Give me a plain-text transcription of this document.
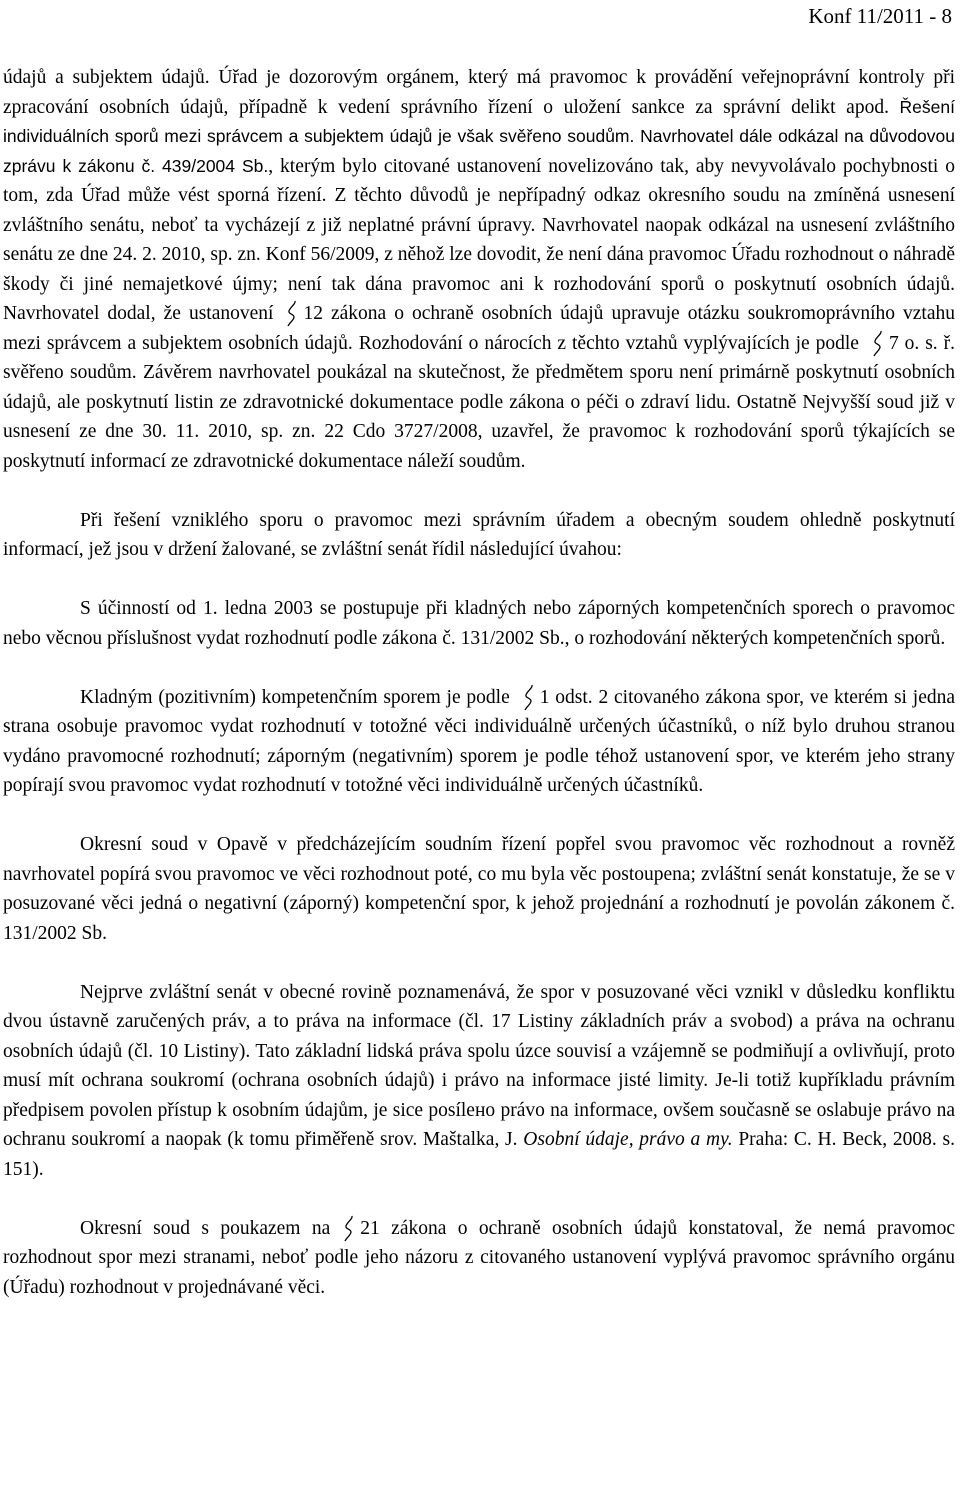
Konf 11/2011 - 8

údajů a subjektem údajů. Úřad je dozorovým orgánem, který má pravomoc k provádění veřejnoprávní kontroly při zpracování osobních údajů, případně k vedení správního řízení o uložení sankce za správní delikt apod. Řešení individuálních sporů mezi správcem a subjektem údajů je však svěřeno soudům. Navrhovatel dále odkázal na důvodovou zprávu k zákonu č. 439/2004 Sb., kterým bylo citované ustanovení novelizováno tak, aby nevyvolávalo pochybnosti o tom, zda Úřad může vést sporná řízení. Z těchto důvodů je nepřípadný odkaz okresního soudu na zmíněná usnesení zvláštního senátu, neboť ta vycházejí z již neplatné právní úpravy. Navrhovatel naopak odkázal na usnesení zvláštního senátu ze dne 24. 2. 2010, sp. zn. Konf 56/2009, z něhož lze dovodit, že není dána pravomoc Úřadu rozhodnout o náhradě škody či jiné nemajetkové újmy; není tak dána pravomoc ani k rozhodování sporů o poskytnutí osobních údajů. Navrhovatel dodal, že ustanovení 12 zákona o ochraně osobních údajů upravuje otázku soukromoprávního vztahu mezi správcem a subjektem osobních údajů. Rozhodování o nárocích z těchto vztahů vyplývajících je podle 7 o. s. ř. svěřeno soudům. Závěrem navrhovatel poukázal na skutečnost, že předmětem sporu není primárně poskytnutí osobních údajů, ale poskytnutí listin ze zdravotnické dokumentace podle zákona o péči o zdraví lidu. Ostatně Nejvyšší soud již v usnesení ze dne 30. 11. 2010, sp. zn. 22 Cdo 3727/2008, uzavřel, že pravomoc k rozhodování sporů týkajících se poskytnutí informací ze zdravotnické dokumentace náleží soudům.

Při řešení vzniklého sporu o pravomoc mezi správním úřadem a obecným soudem ohledně poskytnutí informací, jež jsou v držení žalované, se zvláštní senát řídil následující úvahou:

S účinností od 1. ledna 2003 se postupuje při kladných nebo záporných kompetenčních sporech o pravomoc nebo věcnou příslušnost vydat rozhodnutí podle zákona č. 131/2002 Sb., o rozhodování některých kompetenčních sporů.

Kladným (pozitivním) kompetenčním sporem je podle 1 odst. 2 citovaného zákona spor, ve kterém si jedna strana osobuje pravomoc vydat rozhodnutí v totožné věci individuálně určených účastníků, o níž bylo druhou stranou vydáno pravomocné rozhodnutí; záporným (negativním) sporem je podle téhož ustanovení spor, ve kterém jeho strany popírají svou pravomoc vydat rozhodnutí v totožné věci individuálně určených účastníků.

Okresní soud v Opavě v předcházejícím soudním řízení popřel svou pravomoc věc rozhodnout a rovněž navrhovatel popírá svou pravomoc ve věci rozhodnout poté, co mu byla věc postoupena; zvláštní senát konstatuje, že se v posuzované věci jedná o negativní (záporný) kompetenční spor, k jehož projednání a rozhodnutí je povolán zákonem č. 131/2002 Sb.

Nejprve zvláštní senát v obecné rovině poznamenává, že spor v posuzované věci vznikl v důsledku konfliktu dvou ústavně zaručených práv, a to práva na informace (čl. 17 Listiny základních práv a svobod) a práva na ochranu osobních údajů (čl. 10 Listiny). Tato základní lidská práva spolu úzce souvisí a vzájemně se podmiňují a ovlivňují, proto musí mít ochrana soukromí (ochrana osobních údajů) i právo na informace jisté limity. Je-li totiž kupříkladu právním předpisem povolen přístup k osobním údajům, je sice posílено právo na informace, ovšem současně se oslabuje právo na ochranu soukromí a naopak (k tomu přiměřeně srov. Maštalka, J. Osobní údaje, právo a my. Praha: C. H. Beck, 2008. s. 151).

Okresní soud s poukazem na 21 zákona o ochraně osobních údajů konstatoval, že nemá pravomoc rozhodnout spor mezi stranami, neboť podle jeho názoru z citovaného ustanovení vyplývá pravomoc správního orgánu (Úřadu) rozhodnout v projednávané věci.
